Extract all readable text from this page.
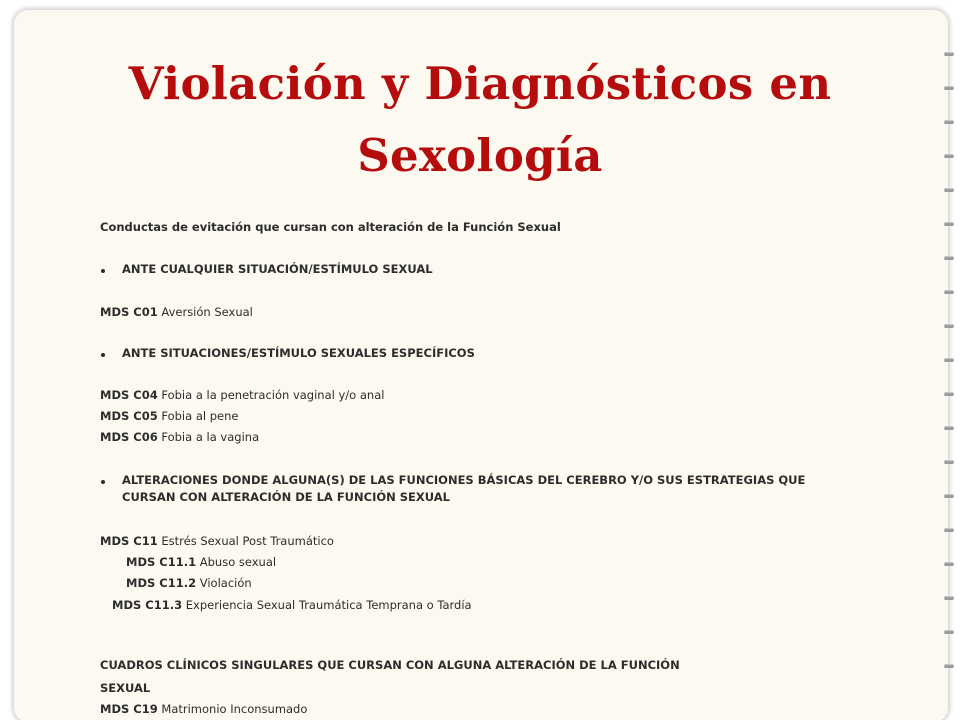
Violación y Diagnósticos en Sexología
Conductas de evitación que cursan con alteración de la Función Sexual
ANTE CUALQUIER SITUACIÓN/ESTÍMULO SEXUAL
MDS C01 Aversión Sexual
ANTE SITUACIONES/ESTÍMULO SEXUALES ESPECÍFICOS
MDS C04 Fobia a la penetración vaginal y/o anal
MDS C05 Fobia al pene
MDS C06 Fobia a la vagina
ALTERACIONES DONDE ALGUNA(S) DE LAS FUNCIONES BÁSICAS DEL CEREBRO Y/O SUS ESTRATEGIAS QUE
CURSAN CON ALTERACIÓN DE LA FUNCIÓN SEXUAL
MDS C11 Estrés Sexual Post Traumático
MDS C11.1 Abuso sexual
MDS C11.2 Violación
MDS C11.3 Experiencia Sexual Traumática Temprana o Tardía
CUADROS CLÍNICOS SINGULARES QUE CURSAN CON ALGUNA ALTERACIÓN DE LA FUNCIÓN
SEXUAL
MDS C19 Matrimonio Inconsumado
